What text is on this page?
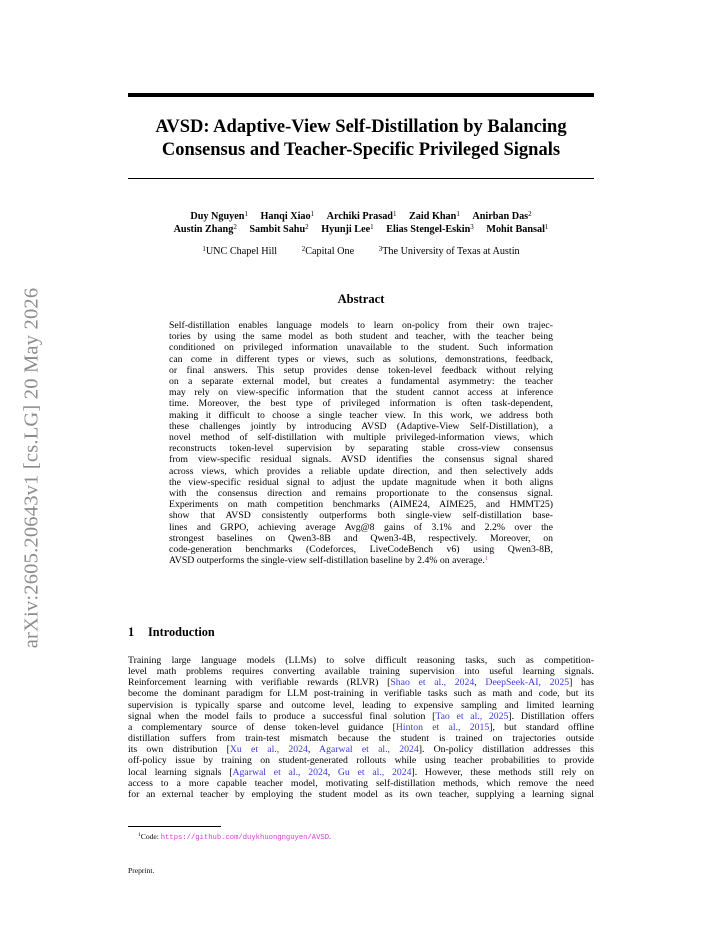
arXiv:2605.20643v1 [cs.LG] 20 May 2026
AVSD: Adaptive-View Self-Distillation by Balancing
Consensus and Teacher-Specific Privileged Signals
Duy Nguyen$^1$ Hanqi Xiao$^1$ Archiki Prasad$^1$ Zaid Khan$^1$ Anirban Das$^2$
Austin Zhang$^2$ Sambit Sahu$^2$ Hyunji Lee$^1$ Elias Stengel-Eskin$^3$ Mohit Bansal$^1$
$^1$UNC Chapel Hill	$^2$Capital One	$^3$The University of Texas at Austin
Abstract
Self-distillation enables language models to learn on-policy from their own trajec-
tories by using the same model as both student and teacher, with the teacher being
conditioned on privileged information unavailable to the student. Such information
can come in different types or views, such as solutions, demonstrations, feedback,
or final answers. This setup provides dense token-level feedback without relying
on a separate external model, but creates a fundamental asymmetry: the teacher
may rely on view-specific information that the student cannot access at inference
time. Moreover, the best type of privileged information is often task-dependent,
making it difficult to choose a single teacher view. In this work, we address both
these challenges jointly by introducing AVSD (Adaptive-View Self-Distillation), a
novel method of self-distillation with multiple privileged-information views, which
reconstructs token-level supervision by separating stable cross-view consensus
from view-specific residual signals. AVSD identifies the consensus signal shared
across views, which provides a reliable update direction, and then selectively adds
the view-specific residual signal to adjust the update magnitude when it both aligns
with the consensus direction and remains proportionate to the consensus signal.
Experiments on math competition benchmarks (AIME24, AIME25, and HMMT25)
show that AVSD consistently outperforms both single-view self-distillation base-
lines and GRPO, achieving average Avg@8 gains of 3.1% and 2.2% over the
strongest baselines on Qwen3-8B and Qwen3-4B, respectively. Moreover, on
code-generation benchmarks (Codeforces, LiveCodeBench v6) using Qwen3-8B,
AVSD outperforms the single-view self-distillation baseline by 2.4% on average.$^1$
1 Introduction
Training large language models (LLMs) to solve difficult reasoning tasks, such as competition-
level math problems requires converting available training supervision into useful learning signals.
Reinforcement learning with verifiable rewards (RLVR) [Shao et al., 2024, DeepSeek-AI, 2025] has
become the dominant paradigm for LLM post-training in verifiable tasks such as math and code, but its
supervision is typically sparse and outcome level, leading to expensive sampling and limited learning
signal when the model fails to produce a successful final solution [Tao et al., 2025]. Distillation offers
a complementary source of dense token-level guidance [Hinton et al., 2015], but standard offline
distillation suffers from train-test mismatch because the student is trained on trajectories outside
its own distribution [Xu et al., 2024, Agarwal et al., 2024]. On-policy distillation addresses this
off-policy issue by training on student-generated rollouts while using teacher probabilities to provide
local learning signals [Agarwal et al., 2024, Gu et al., 2024]. However, these methods still rely on
access to a more capable teacher model, motivating self-distillation methods, which remove the need
for an external teacher by employing the student model as its own teacher, supplying a learning signal
$^1$Code: https://github.com/duykhuongnguyen/AVSD.
Preprint.
